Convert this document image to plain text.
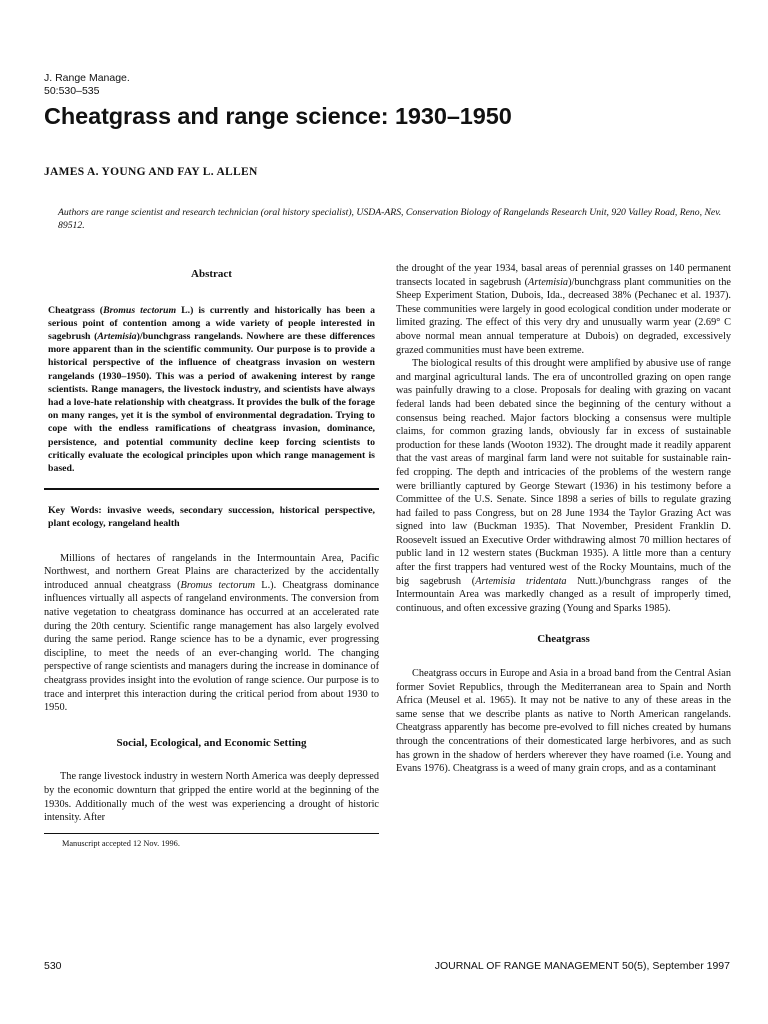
J. Range Manage.
50:530–535
Cheatgrass and range science: 1930–1950
JAMES A. YOUNG AND FAY L. ALLEN
Authors are range scientist and research technician (oral history specialist), USDA-ARS, Conservation Biology of Rangelands Research Unit, 920 Valley Road, Reno, Nev. 89512.
Abstract

Cheatgrass (Bromus tectorum L.) is currently and historically has been a serious point of contention among a wide variety of people interested in sagebrush (Artemisia)/bunchgrass rangelands. Nowhere are these differences more apparent than in the scientific community. Our purpose is to provide a historical perspective of the influence of cheatgrass invasion on western rangelands (1930–1950). This was a period of awakening interest by range scientists. Range managers, the livestock industry, and scientists have always had a love-hate relationship with cheatgrass. It provides the bulk of the forage on many ranges, yet it is the symbol of environmental degradation. Trying to cope with the endless ramifications of cheatgrass invasion, dominance, persistence, and potential community decline keep forcing scientists to critically evaluate the ecological principles upon which range management is based.

Key Words: invasive weeds, secondary succession, historical perspective, plant ecology, rangeland health

Millions of hectares of rangelands in the Intermountain Area, Pacific Northwest, and northern Great Plains are characterized by the accidentally introduced annual cheatgrass (Bromus tectorum L.). Cheatgrass dominance influences virtually all aspects of rangeland environments. The conversion from native vegetation to cheatgrass dominance has occurred at an accelerated rate during the 20th century. Scientific range management has also largely evolved during the same period. Range science has to be a dynamic, ever progressing discipline, to meet the needs of an ever-changing world. The changing perspective of range scientists and managers during the increase in dominance of cheatgrass provides insight into the evolution of range science. Our purpose is to trace and interpret this interaction during the critical period from about 1930 to 1950.

Social, Ecological, and Economic Setting

The range livestock industry in western North America was deeply depressed by the economic downturn that gripped the entire world at the beginning of the 1930s. Additionally much of the west was experiencing a drought of historic intensity. After

Manuscript accepted 12 Nov. 1996.

the drought of the year 1934, basal areas of perennial grasses on 140 permanent transects located in sagebrush (Artemisia)/bunchgrass plant communities on the Sheep Experiment Station, Dubois, Ida., decreased 38% (Pechanec et al. 1937). These communities were largely in good ecological condition under moderate or limited grazing. The effect of this very dry and unusually warm year (2.69° C above normal mean annual temperature at Dubois) on degraded, excessively grazed communities must have been extreme.

The biological results of this drought were amplified by abusive use of range and marginal agricultural lands. The era of uncontrolled grazing on open range was painfully drawing to a close. Proposals for dealing with grazing on vacant federal lands had been debated since the beginning of the century without a consensus being reached. Major factors blocking a consensus were multiple claims, for common grazing lands, obviously far in excess of sustainable production for these lands (Wooton 1932). The drought made it readily apparent that the vast areas of marginal farm land were not suitable for sustainable rain-fed cropping. The depth and intricacies of the problems of the western range were brilliantly captured by George Stewart (1936) in his testimony before a Committee of the U.S. Senate. Since 1898 a series of bills to regulate grazing had failed to pass Congress, but on 28 June 1934 the Taylor Grazing Act was signed into law (Buckman 1935). That November, President Franklin D. Roosevelt issued an Executive Order withdrawing almost 70 million hectares of public land in 12 western states (Buckman 1935). A little more than a century after the first trappers had ventured west of the Rocky Mountains, much of the big sagebrush (Artemisia tridentata Nutt.)/bunchgrass ranges of the Intermountain Area was markedly changed as a result of improperly timed, continuous, and often excessive grazing (Young and Sparks 1985).

Cheatgrass

Cheatgrass occurs in Europe and Asia in a broad band from the Central Asian former Soviet Republics, through the Mediterranean area to Spain and North Africa (Meusel et al. 1965). It may not be native to any of these areas in the same sense that we describe plants as native to North American rangelands. Cheatgrass apparently has become pre-evolved to fill niches created by humans through the concentrations of their domesticated large herbivores, and as such has grown in the shadow of herders wherever they have roamed (i.e. Young and Evans 1976). Cheatgrass is a weed of many grain crops, and as a contaminant

530	JOURNAL OF RANGE MANAGEMENT 50(5), September 1997
